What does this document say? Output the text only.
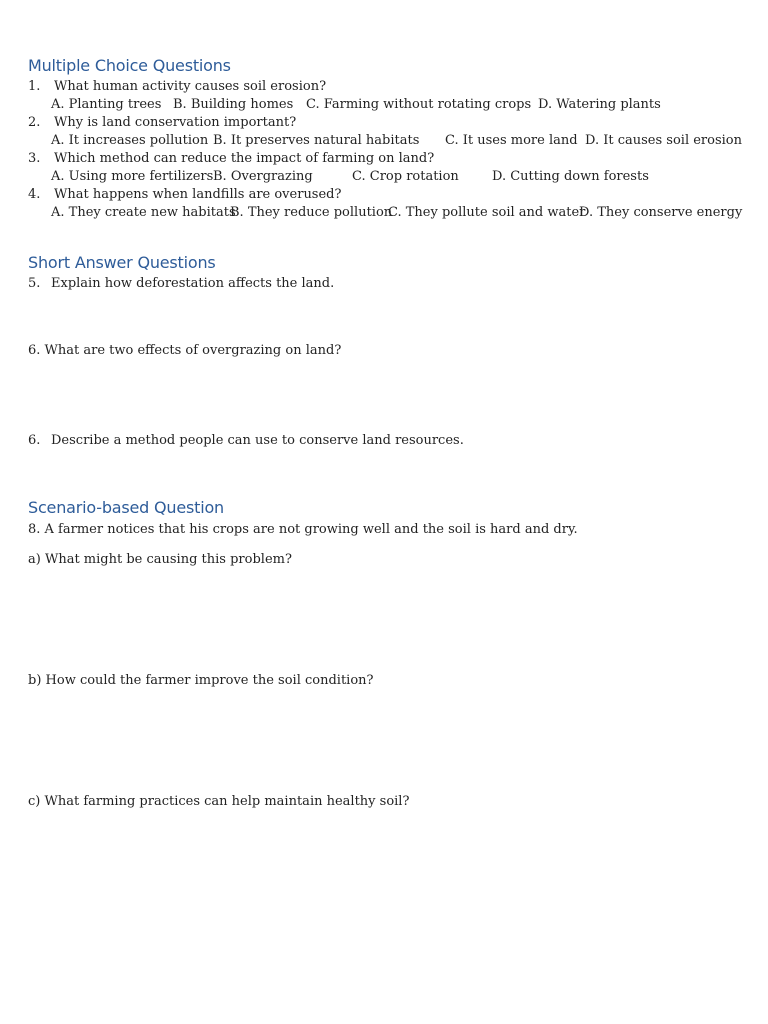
Multiple Choice Questions
1. What human activity causes soil erosion?
A. Planting trees B. Building homes C. Farming without rotating crops D. Watering plants
2. Why is land conservation important?
A. It increases pollution B. It preserves natural habitats C. It uses more land D. It causes soil erosion
3. Which method can reduce the impact of farming on land?
A. Using more fertilizers B. Overgrazing	C. Crop rotation	D. Cutting down forests
4. What happens when landfills are overused?
A. They create new habitats
B. They reduce pollution
C. They pollute soil and water
D. They conserve energy
Short Answer Questions
5. Explain how deforestation affects the land.
6. What are two effects of overgrazing on land?
6. Describe a method people can use to conserve land resources.
Scenario-based Question
8. A farmer notices that his crops are not growing well and the soil is hard and dry.
a) What might be causing this problem?
b) How could the farmer improve the soil condition?
c) What farming practices can help maintain healthy soil?
